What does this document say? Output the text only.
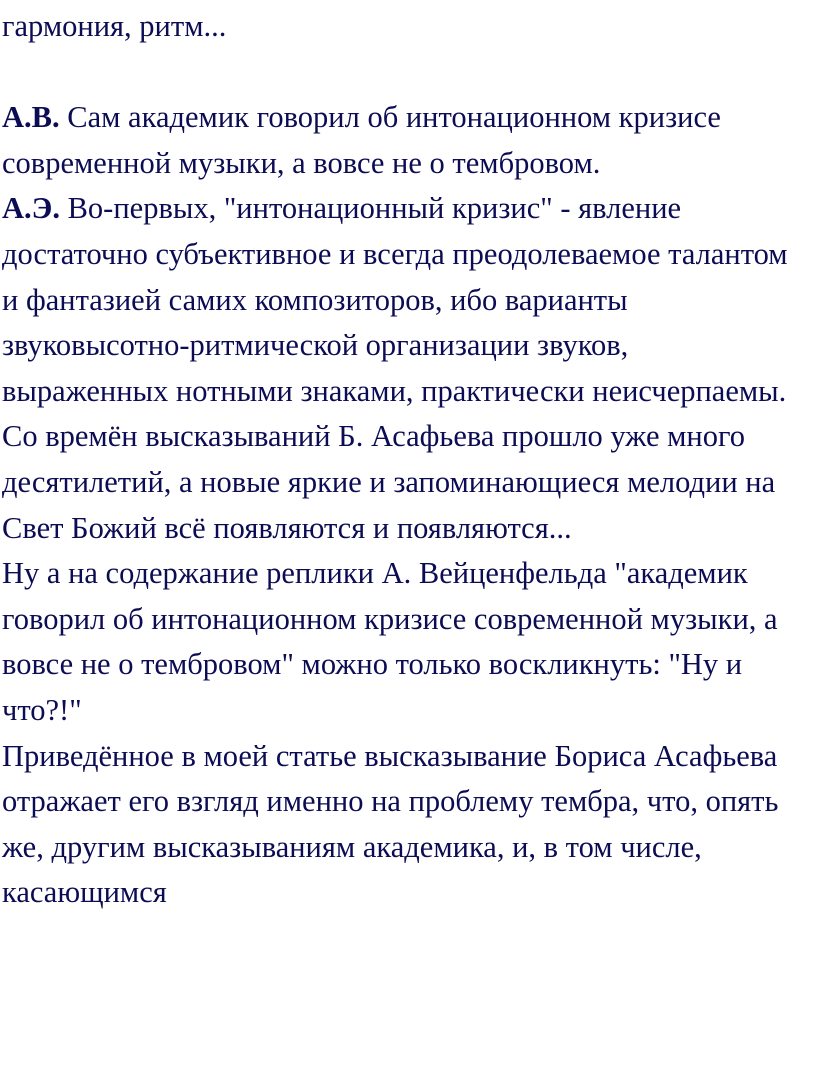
гармония, ритм...

А.В. Сам академик говорил об интонационном кризисе современной музыки, а вовсе не о тембровом.

А.Э. Во-первых, "интонационный кризис" - явление достаточно субъективное и всегда преодолеваемое талантом и фантазией самих композиторов, ибо варианты звуковысотно-ритмической организации звуков, выраженных нотными знаками, практически неисчерпаемы.

Со времён высказываний Б. Асафьева прошло уже много десятилетий, а новые яркие и запоминающиеся мелодии на Свет Божий всё появляются и появляются...

Ну а на содержание реплики А. Вейценфельда "академик говорил об интонационном кризисе современной музыки, а вовсе не о тембровом" можно только воскликнуть: "Ну и что?!"

Приведённое в моей статье высказывание Бориса Асафьева отражает его взгляд именно на проблему тембра, что, опять же, другим высказываниям академика, и, в том числе, касающимся
